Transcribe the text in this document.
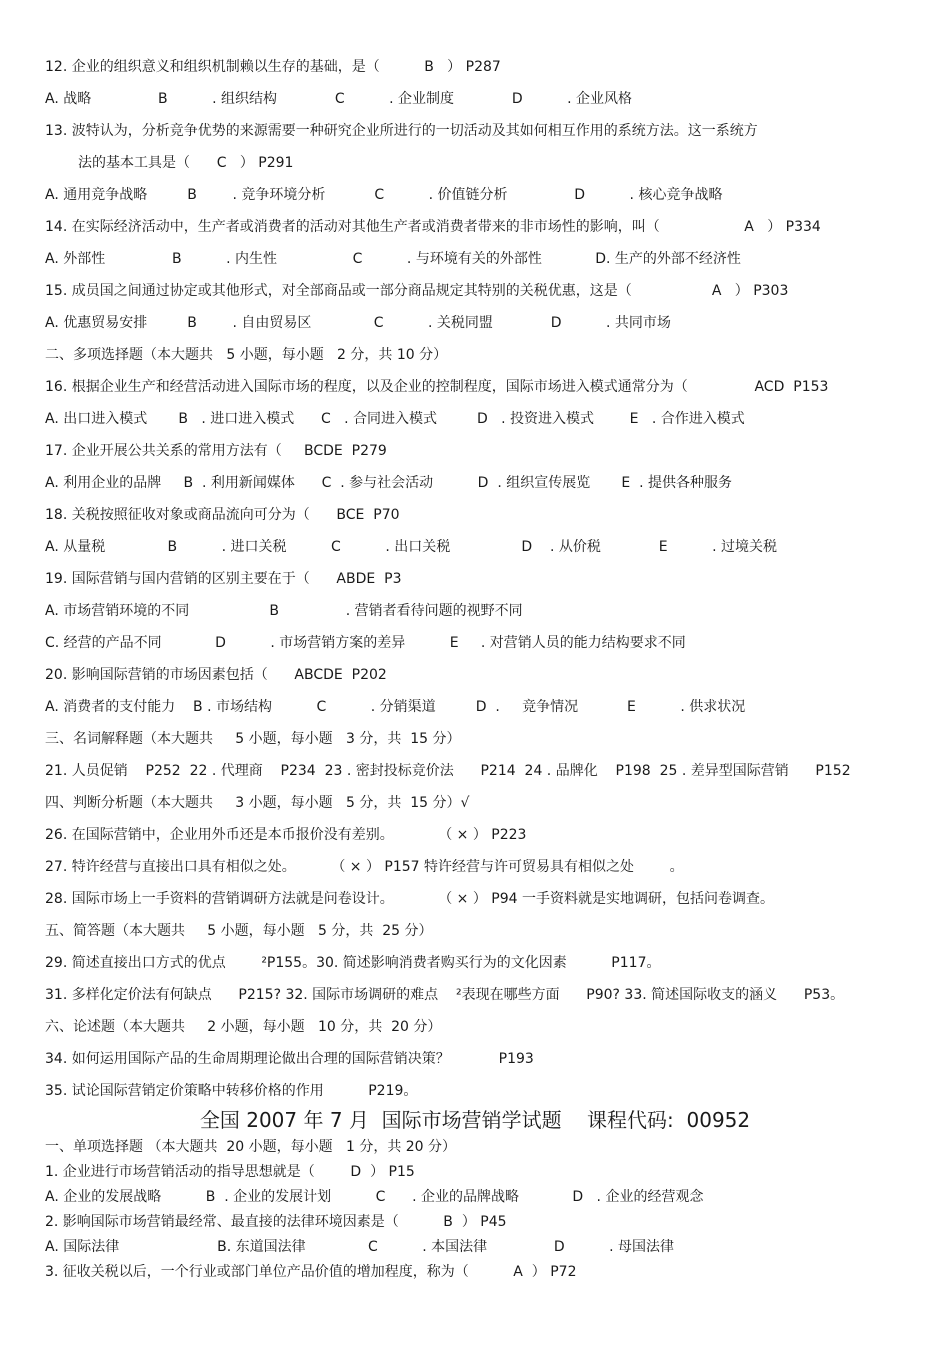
12. 企业的组织意义和组织机制赖以生存的基础，是（          B   ） P287
A. 战略               B          . 组织结构             C          . 企业制度             D          . 企业风格
13. 波特认为，分析竞争优势的来源需要一种研究企业所进行的一切活动及其如何相互作用的系统方法。这一系统方
法的基本工具是（      C   ） P291
A. 通用竞争战略         B        . 竞争环境分析           C          . 价值链分析               D          . 核心竞争战略
14. 在实际经济活动中，生产者或消费者的活动对其他生产者或消费者带来的非市场性的影响，叫（                   A   ） P334
A. 外部性               B          . 内生性                 C          . 与环境有关的外部性            D. 生产的外部不经济性
15. 成员国之间通过协定或其他形式，对全部商品或一部分商品规定其特别的关税优惠，这是（                  A   ） P303
A. 优惠贸易安排         B        . 自由贸易区              C          . 关税同盟             D          . 共同市场
二、多项选择题（本大题共   5 小题，每小题   2 分，共 10 分）
16. 根据企业生产和经营活动进入国际市场的程度，以及企业的控制程度，国际市场进入模式通常分为（               ACD  P153
A. 出口进入模式       B   . 进口进入模式      C   . 合同进入模式         D   . 投资进入模式        E   . 合作进入模式
17. 企业开展公共关系的常用方法有（     BCDE  P279
A. 利用企业的品牌     B  . 利用新闻媒体      C  . 参与社会活动          D  . 组织宣传展览       E  . 提供各种服务
18. 关税按照征收对象或商品流向可分为（      BCE  P70
A. 从量税              B          . 进口关税          C          . 出口关税                D    . 从价税             E          . 过境关税
19. 国际营销与国内营销的区别主要在于（      ABDE  P3
A. 市场营销环境的不同                  B               . 营销者看待问题的视野不同
C. 经营的产品不同            D          . 市场营销方案的差异          E     . 对营销人员的能力结构要求不同
20. 影响国际营销的市场因素包括（      ABCDE  P202
A. 消费者的支付能力    B . 市场结构          C          . 分销渠道         D  .     竞争情况           E          . 供求状况
三、名词解释题（本大题共     5 小题，每小题   3 分，共  15 分）
21. 人员促销    P252  22 . 代理商    P234  23 . 密封投标竞价法      P214  24 . 品牌化    P198  25 . 差异型国际营销      P152
四、判断分析题（本大题共     3 小题，每小题   5 分，共  15 分）√
26. 在国际营销中，企业用外币还是本币报价没有差别。          （ × ） P223
27. 特许经营与直接出口具有相似之处。        （ × ） P157 特许经营与许可贸易具有相似之处        。
28. 国际市场上一手资料的营销调研方法就是问卷设计。          （ × ） P94 一手资料就是实地调研，包括问卷调查。
五、简答题（本大题共     5 小题，每小题   5 分，共  25 分）
29. 简述直接出口方式的优点        ²P155。30. 简述影响消费者购买行为的文化因素          P117。
31. 多样化定价法有何缺点      P215? 32. 国际市场调研的难点    ²表现在哪些方面      P90? 33. 简述国际收支的涵义      P53。
六、论述题（本大题共     2 小题，每小题   10 分，共  20 分）
34. 如何运用国际产品的生命周期理论做出合理的国际营销决策？           P193
35. 试论国际营销定价策略中转移价格的作用          P219。
全国 2007 年 7 月  国际市场营销学试题    课程代码:  00952
一、单项选择题 （本大题共  20 小题，每小题   1 分，共 20 分）
1. 企业进行市场营销活动的指导思想就是（        D  ） P15
A. 企业的发展战略          B  . 企业的发展计划          C      . 企业的品牌战略            D   . 企业的经营观念
2. 影响国际市场营销最经常、最直接的法律环境因素是（          B  ） P45
A. 国际法律                      B. 东道国法律              C          . 本国法律               D          . 母国法律
3. 征收关税以后，一个行业或部门单位产品价值的增加程度，称为（          A  ） P72
